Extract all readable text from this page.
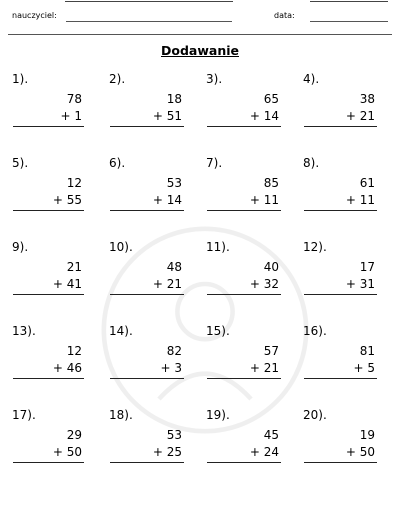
nauczyciel:	data:
Dodawanie
1).
78
+ 1
2).
18
+ 51
3).
65
+ 14
4).
38
+ 21
5).
12
+ 55
6).
53
+ 14
7).
85
+ 11
8).
61
+ 11
9).
21
+ 41
10).
48
+ 21
11).
40
+ 32
12).
17
+ 31
13).
12
+ 46
14).
82
+ 3
15).
57
+ 21
16).
81
+ 5
17).
29
+ 50
18).
53
+ 25
19).
45
+ 24
20).
19
+ 50
